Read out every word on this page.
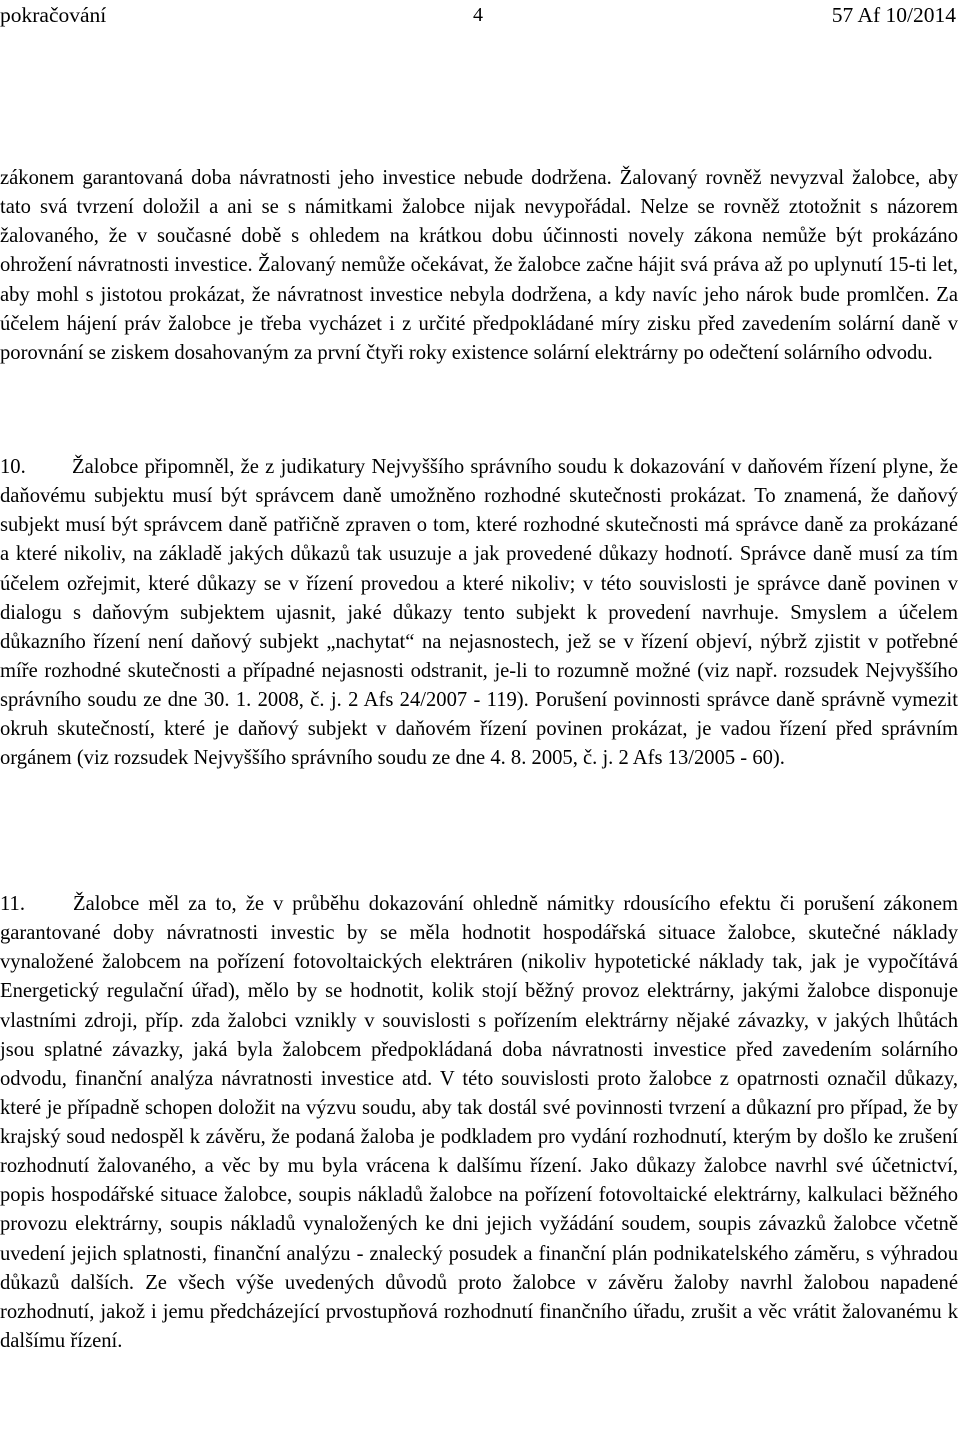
pokračování	4	57 Af 10/2014

zákonem garantovaná doba návratnosti jeho investice nebude dodržena. Žalovaný rovněž nevyzval žalobce, aby tato svá tvrzení doložil a ani se s námitkami žalobce nijak nevypořádal. Nelze se rovněž ztotožnit s názorem žalovaného, že v současné době s ohledem na krátkou dobu účinnosti novely zákona nemůže být prokázáno ohrožení návratnosti investice. Žalovaný nemůže očekávat, že žalobce začne hájit svá práva až po uplynutí 15-ti let, aby mohl s jistotou prokázat, že návratnost investice nebyla dodržena, a kdy navíc jeho nárok bude promlčen. Za účelem hájení práv žalobce je třeba vycházet i z určité předpokládané míry zisku před zavedením solární daně v porovnání se ziskem dosahovaným za první čtyři roky existence solární elektrárny po odečtení solárního odvodu.

10. Žalobce připomněl, že z judikatury Nejvyššího správního soudu k dokazování v daňovém řízení plyne, že daňovému subjektu musí být správcem daně umožněno rozhodné skutečnosti prokázat. To znamená, že daňový subjekt musí být správcem daně patřičně zpraven o tom, které rozhodné skutečnosti má správce daně za prokázané a které nikoliv, na základě jakých důkazů tak usuzuje a jak provedené důkazy hodnotí. Správce daně musí za tím účelem ozřejmit, které důkazy se v řízení provedou a které nikoliv; v této souvislosti je správce daně povinen v dialogu s daňovým subjektem ujasnit, jaké důkazy tento subjekt k provedení navrhuje. Smyslem a účelem důkazního řízení není daňový subjekt „nachytat“ na nejasnostech, jež se v řízení objeví, nýbrž zjistit v potřebné míře rozhodné skutečnosti a případné nejasnosti odstranit, je-li to rozumně možné (viz např. rozsudek Nejvyššího správního soudu ze dne 30. 1. 2008, č. j. 2 Afs 24/2007 - 119). Porušení povinnosti správce daně správně vymezit okruh skutečností, které je daňový subjekt v daňovém řízení povinen prokázat, je vadou řízení před správním orgánem (viz rozsudek Nejvyššího správního soudu ze dne 4. 8. 2005, č. j. 2 Afs 13/2005 - 60).

11. Žalobce měl za to, že v průběhu dokazování ohledně námitky rdousícího efektu či porušení zákonem garantované doby návratnosti investic by se měla hodnotit hospodářská situace žalobce, skutečné náklady vynaložené žalobcem na pořízení fotovoltaických elektráren (nikoliv hypotetické náklady tak, jak je vypočítává Energetický regulační úřad), mělo by se hodnotit, kolik stojí běžný provoz elektrárny, jakými žalobce disponuje vlastními zdroji, příp. zda žalobci vznikly v souvislosti s pořízením elektrárny nějaké závazky, v jakých lhůtách jsou splatné závazky, jaká byla žalobcem předpokládaná doba návratnosti investice před zavedením solárního odvodu, finanční analýza návratnosti investice atd. V této souvislosti proto žalobce z opatrnosti označil důkazy, které je případně schopen doložit na výzvu soudu, aby tak dostál své povinnosti tvrzení a důkazní pro případ, že by krajský soud nedospěl k závěru, že podaná žaloba je podkladem pro vydání rozhodnutí, kterým by došlo ke zrušení rozhodnutí žalovaného, a věc by mu byla vrácena k dalšímu řízení. Jako důkazy žalobce navrhl své účetnictví, popis hospodářské situace žalobce, soupis nákladů žalobce na pořízení fotovoltaické elektrárny, kalkulaci běžného provozu elektrárny, soupis nákladů vynaložených ke dni jejich vyžádání soudem, soupis závazků žalobce včetně uvedení jejich splatnosti, finanční analýzu - znalecký posudek a finanční plán podnikatelského záměru, s výhradou důkazů dalších. Ze všech výše uvedených důvodů proto žalobce v závěru žaloby navrhl žalobou napadené rozhodnutí, jakož i jemu předcházející prvostupňová rozhodnutí finančního úřadu, zrušit a věc vrátit žalovanému k dalšímu řízení.
